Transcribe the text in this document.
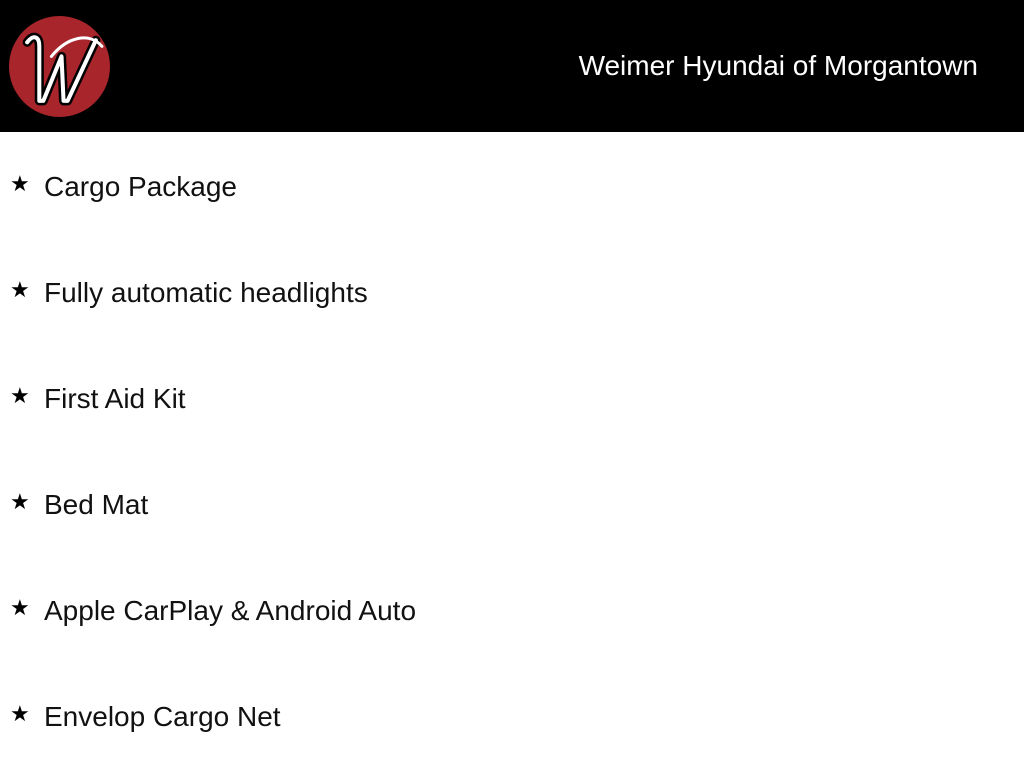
Weimer Hyundai of Morgantown
★ Cargo Package
★ Fully automatic headlights
★ First Aid Kit
★ Bed Mat
★ Apple CarPlay & Android Auto
★ Envelop Cargo Net
